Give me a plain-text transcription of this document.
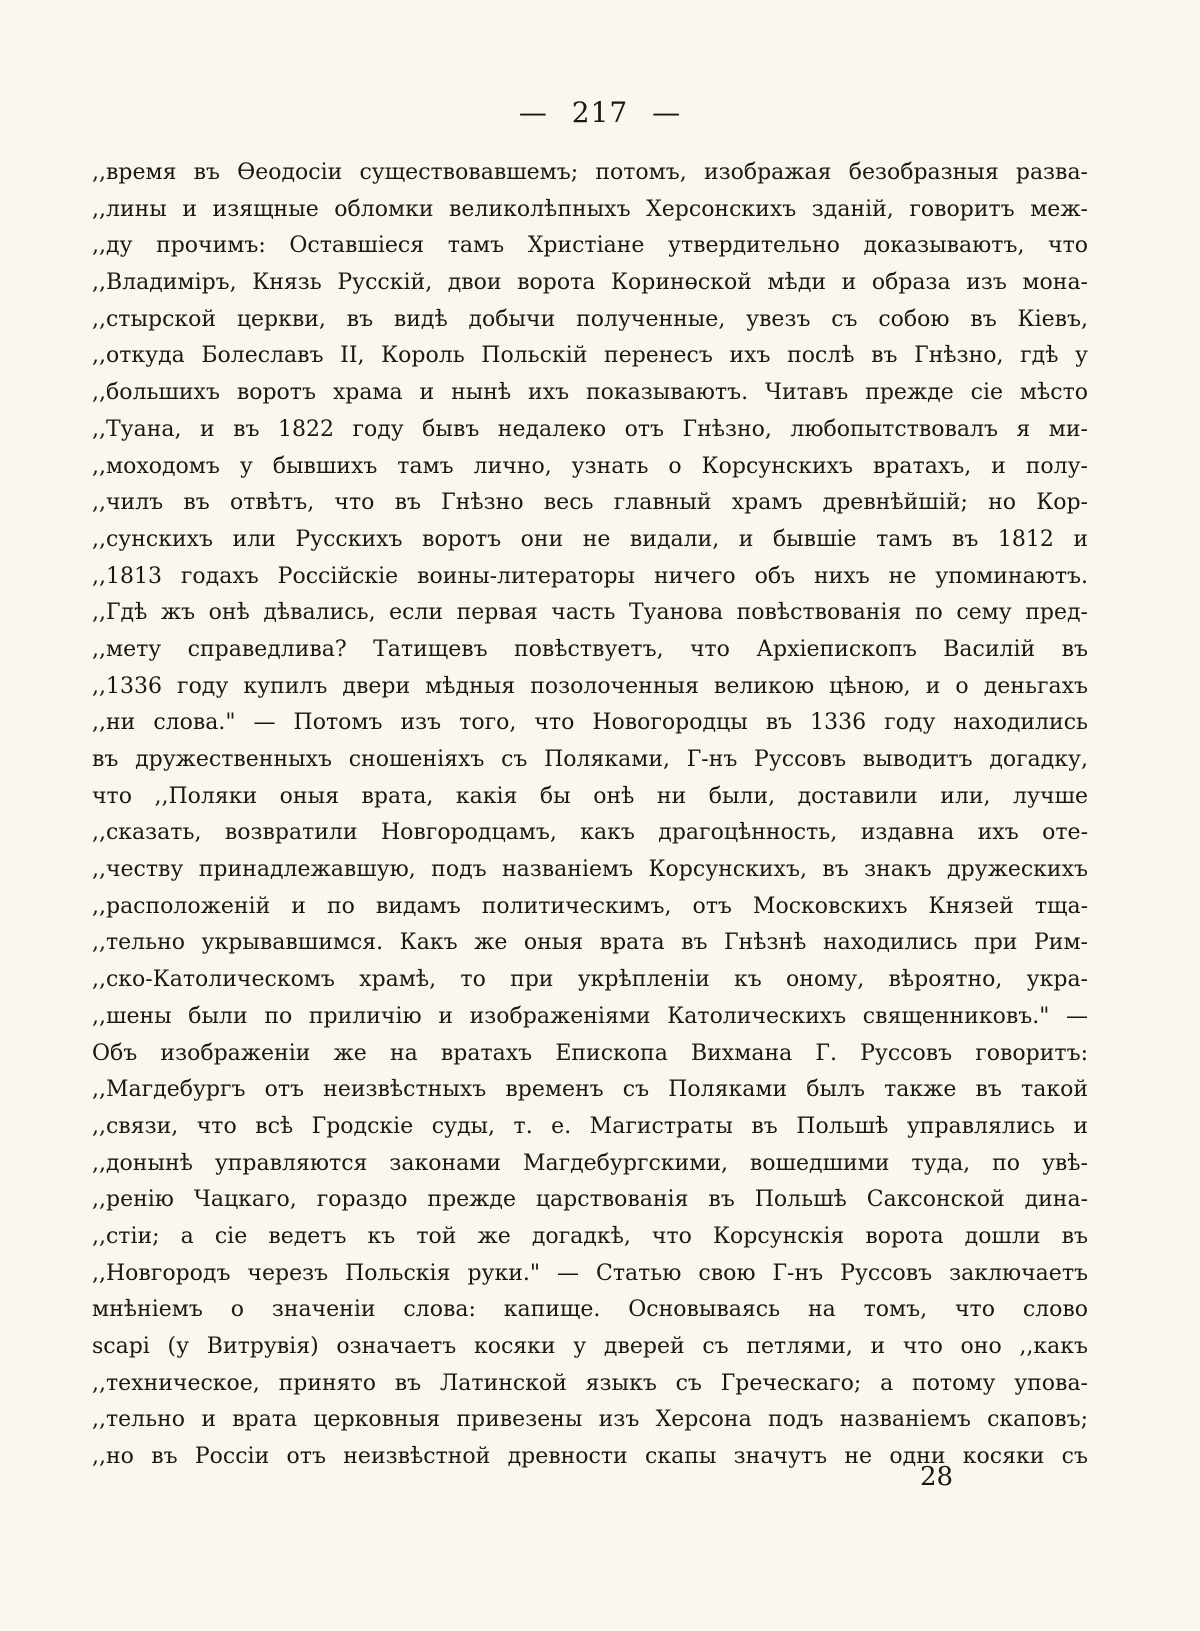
— 217 —
,,время въ Өеодосіи существовавшемъ; потомъ, изображая безобразныя разва-
,,лины и изящные обломки великолѣпныхъ Херсонскихъ зданій, говоритъ меж-
,,ду прочимъ: Оставшіеся тамъ Христіане утвердительно доказываютъ, что
,,Владиміръ, Князь Русскій, двои ворота Коринөской мѣди и образа изъ мона-
,,стырской церкви, въ видѣ добычи полученные, увезъ съ собою въ Кіевъ,
,,откуда Болеславъ II, Король Польскій перенесъ ихъ послѣ въ Гнѣзно, гдѣ у
,,большихъ воротъ храма и нынѣ ихъ показываютъ. Читавъ прежде сіе мѣсто
,,Туана, и въ 1822 году бывъ недалеко отъ Гнѣзно, любопытствовалъ я ми-
,,моходомъ у бывшихъ тамъ лично, узнать о Корсунскихъ вратахъ, и полу-
,,чилъ въ отвѣтъ, что въ Гнѣзно весь главный храмъ древнѣйшій; но Кор-
,,сунскихъ или Русскихъ воротъ они не видали, и бывшіе тамъ въ 1812 и
,,1813 годахъ Россійскіе воины-литераторы ничего объ нихъ не упоминаютъ.
,,Гдѣ жъ онѣ дѣвались, если первая часть Туанова повѣствованія по сему пред-
,,мету справедлива? Татищевъ повѣствуетъ, что Архіепископъ Василій въ
,,1336 году купилъ двери мѣдныя позолоченныя великою цѣною, и о деньгахъ
,,ни слова." — Потомъ изъ того, что Новогородцы въ 1336 году находились
въ дружественныхъ сношеніяхъ съ Поляками, Г-нъ Руссовъ выводитъ догадку,
что ,,Поляки оныя врата, какія бы онѣ ни были, доставили или, лучше
,,сказать, возвратили Новгородцамъ, какъ драгоцѣнность, издавна ихъ оте-
,,честву принадлежавшую, подъ названіемъ Корсунскихъ, въ знакъ дружескихъ
,,расположеній и по видамъ политическимъ, отъ Московскихъ Князей тща-
,,тельно укрывавшимся. Какъ же оныя врата въ Гнѣзнѣ находились при Рим-
,,ско-Католическомъ храмѣ, то при укрѣпленіи къ оному, вѣроятно, укра-
,,шены были по приличію и изображеніями Католическихъ священниковъ." —
Объ изображеніи же на вратахъ Епископа Вихмана Г. Руссовъ говоритъ:
,,Магдебургъ отъ неизвѣстныхъ временъ съ Поляками былъ также въ такой
,,связи, что всѣ Гродскіе суды, т. е. Магистраты въ Польшѣ управлялись и
,,донынѣ управляются законами Магдебургскими, вошедшими туда, по увѣ-
,,ренію Чацкаго, гораздо прежде царствованія въ Польшѣ Саксонской дина-
,,стіи; а сіе ведетъ къ той же догадкѣ, что Корсунскія ворота дошли въ
,,Новгородъ черезъ Польскія руки." — Статью свою Г-нъ Руссовъ заключаетъ
мнѣніемъ о значеніи слова: капище. Основываясь на томъ, что слово
scapi (у Витрувія) означаетъ косяки у дверей съ петлями, и что оно ,,какъ
,,техническое, принято въ Латинской языкъ съ Греческаго; а потому упова-
,,тельно и врата церковныя привезены изъ Херсона подъ названіемъ скаповъ;
,,но въ Россіи отъ неизвѣстной древности скапы значутъ не одни косяки съ
28
